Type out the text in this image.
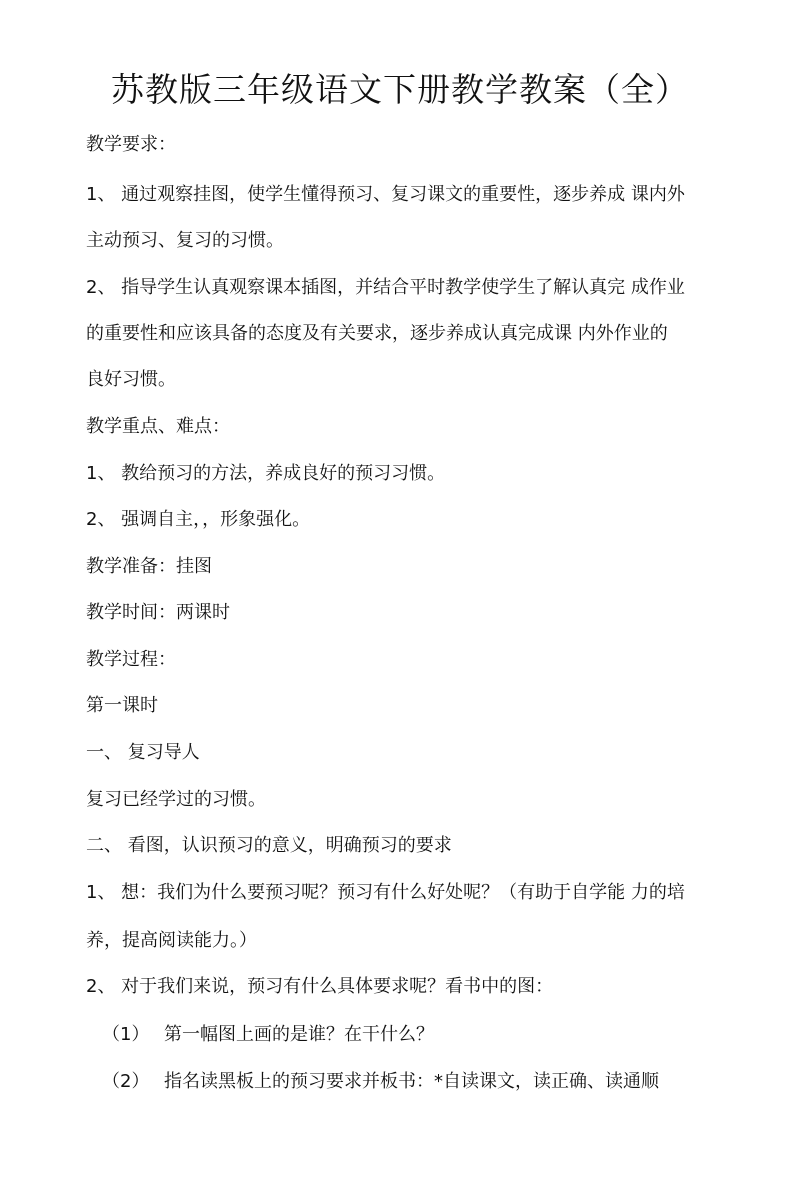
苏教版三年级语文下册教学教案（全）
教学要求：
1、 通过观察挂图，使学生懂得预习、复习课文的重要性，逐步养成 课内外
主动预习、复习的习惯。
2、 指导学生认真观察课本插图，并结合平时教学使学生了解认真完 成作业
的重要性和应该具备的态度及有关要求，逐步养成认真完成课 内外作业的
良好习惯。
教学重点、难点：
1、 教给预习的方法，养成良好的预习习惯。
2、 强调自主，，形象强化。
教学准备：挂图
教学时间：两课时
教学过程：
第一课时
一、 复习导人
复习已经学过的习惯。
二、 看图，认识预习的意义，明确预习的要求
1、 想：我们为什么要预习呢？预习有什么好处呢？（有助于自学能 力的培
养，提高阅读能力。）
2、 对于我们来说，预习有什么具体要求呢？看书中的图：
（1） 第一幅图上画的是谁？在干什么？
（2） 指名读黑板上的预习要求并板书：*自读课文，读正确、读通顺
